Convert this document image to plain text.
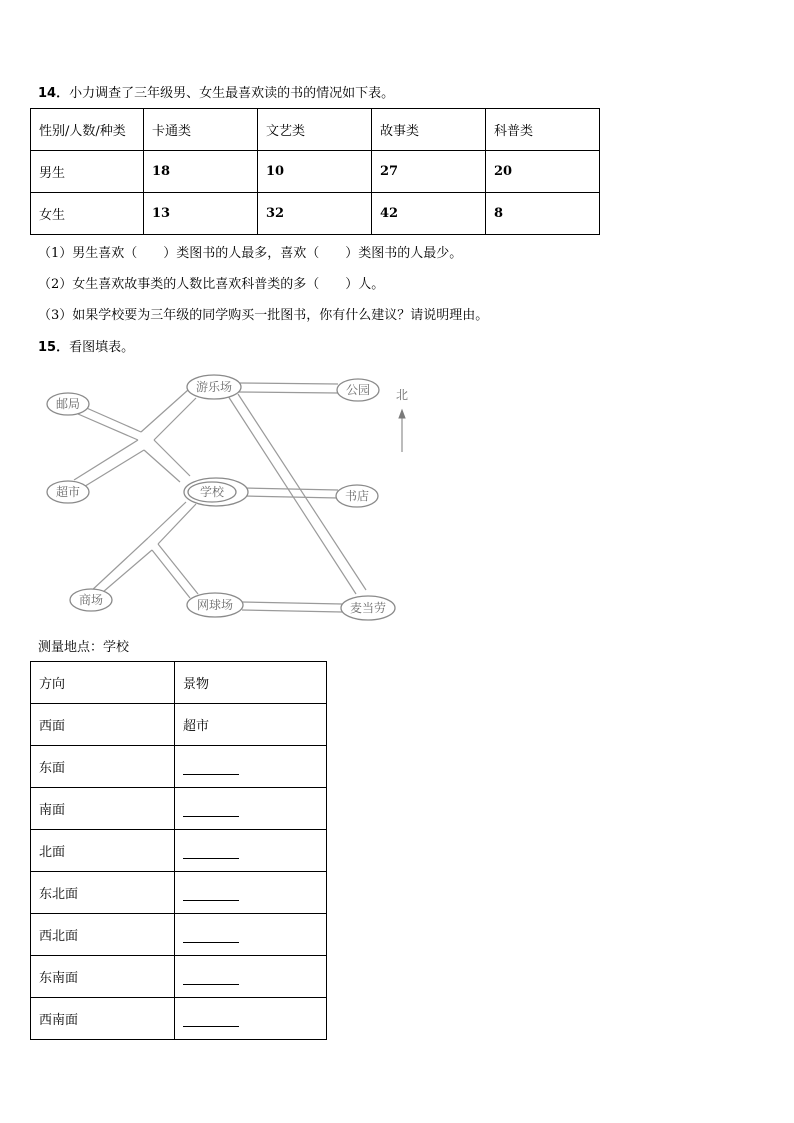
14．小力调查了三年级男、女生最喜欢读的书的情况如下表。
性别/人数/种类	卡通类	文艺类	故事类	科普类
男生	18	10	27	20
女生	13	32	42	8
（1）男生喜欢（ ）类图书的人最多，喜欢（ ）类图书的人最少。
（2）女生喜欢故事类的人数比喜欢科普类的多（ ）人。
（3）如果学校要为三年级的同学购买一批图书，你有什么建议？请说明理由。
15．看图填表。
游乐场	公园
邮局
超市	学校	书店
商场	网球场	麦当劳
北
测量地点：学校
方向	景物
西面	超市
东面	
南面	
北面	
东北面	
西北面	
东南面	
西南面	
